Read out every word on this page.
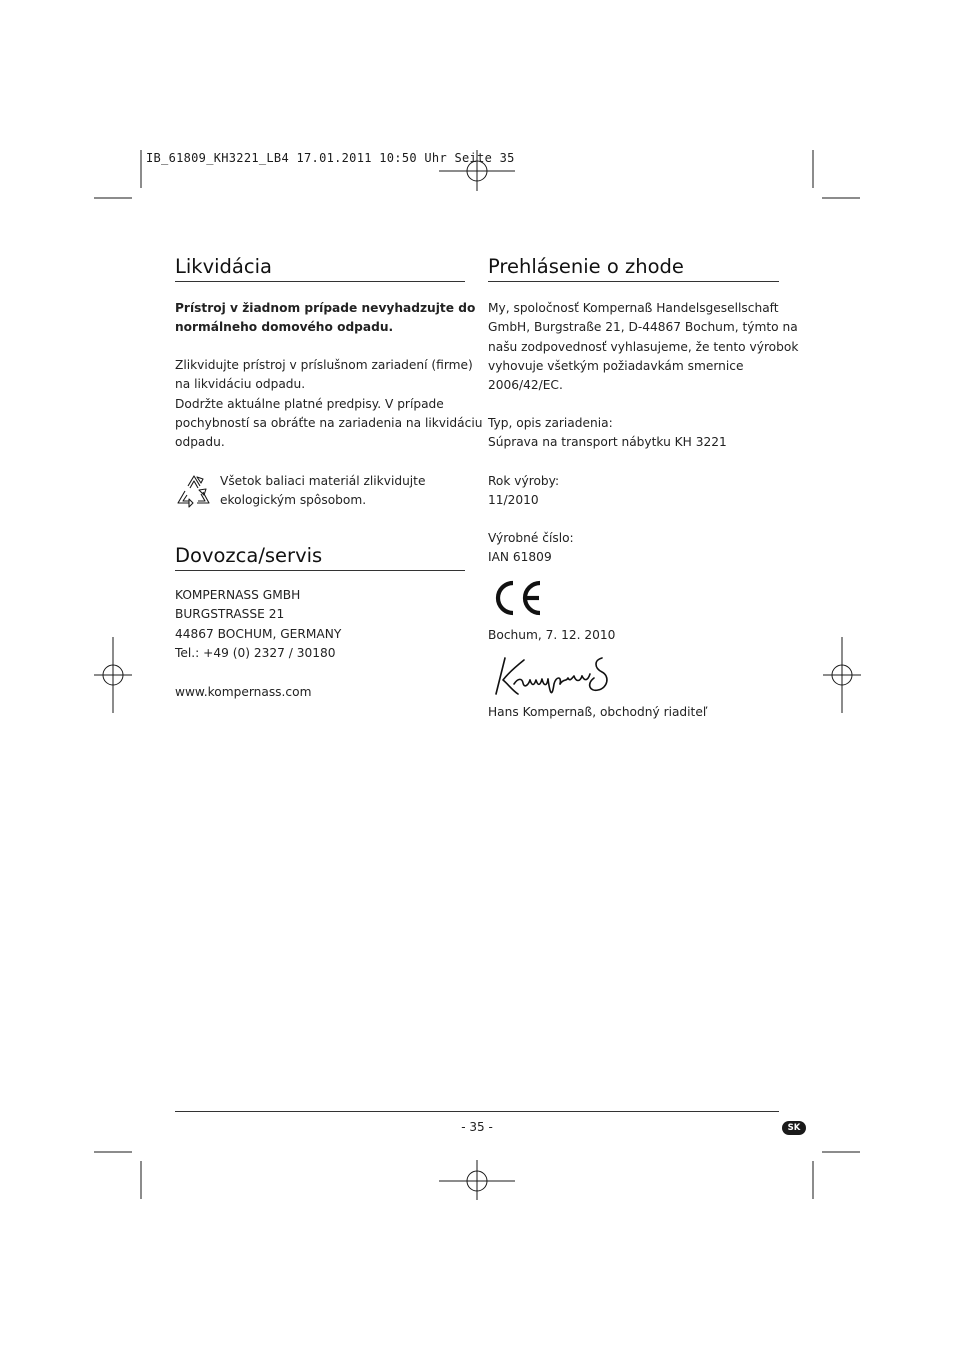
IB_61809_KH3221_LB4 17.01.2011 10:50 Uhr Seite 35
Likvidácia

Prístroj v žiadnom prípade nevyhadzujte do
normálneho domového odpadu.

Zlikvidujte prístroj v príslušnom zariadení (firme)
na likvidáciu odpadu.
Dodržte aktuálne platné predpisy. V prípade
pochybností sa obráťte na zariadenia na likvidáciu
odpadu.

Všetok baliaci materiál zlikvidujte
ekologickým spôsobom.

Dovozca/servis

KOMPERNASS GMBH
BURGSTRASSE 21
44867 BOCHUM, GERMANY
Tel.: +49 (0) 2327 / 30180

www.kompernass.com

Prehlásenie o zhode

My, spoločnosť Kompernaß Handelsgesellschaft
GmbH, Burgstraße 21, D-44867 Bochum, týmto na
našu zodpovednosť vyhlasujeme, že tento výrobok
vyhovuje všetkým požiadavkám smernice
2006/42/EC.

Typ, opis zariadenia:
Súprava na transport nábytku KH 3221

Rok výroby:
11/2010

Výrobné číslo:
IAN 61809

Bochum, 7. 12. 2010

Hans Kompernaß, obchodný riaditeľ

- 35 -	SK
